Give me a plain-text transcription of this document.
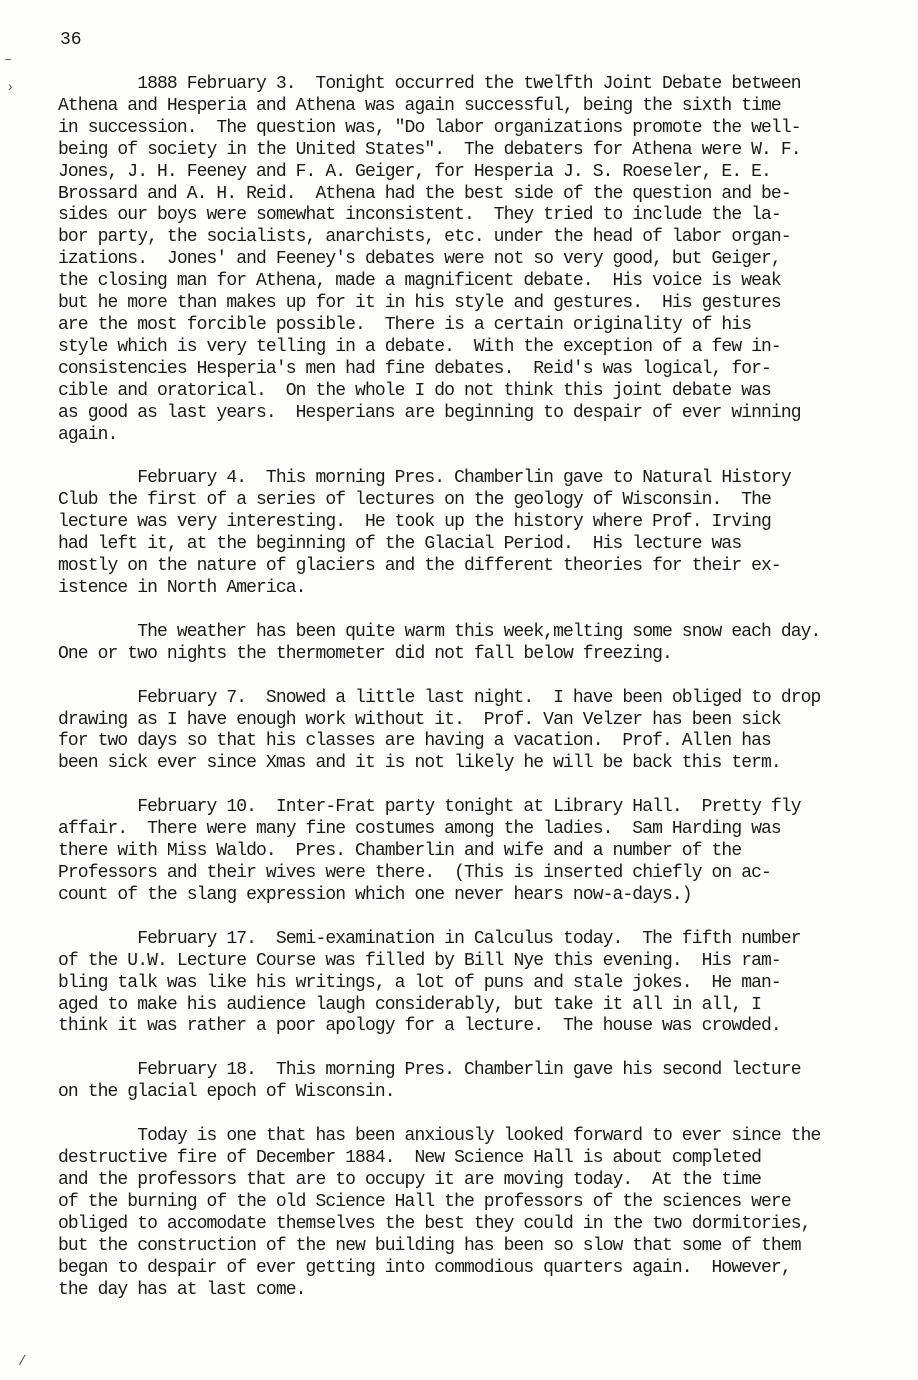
36
–
› 1888 February 3.  Tonight occurred the twelfth Joint Debate between
Athena and Hesperia and Athena was again successful, being the sixth time
in succession.  The question was, "Do labor organizations promote the well-
being of society in the United States".  The debaters for Athena were W. F.
Jones, J. H. Feeney and F. A. Geiger, for Hesperia J. S. Roeseler, E. E.
Brossard and A. H. Reid.  Athena had the best side of the question and be-
sides our boys were somewhat inconsistent.  They tried to include the la-
bor party, the socialists, anarchists, etc. under the head of labor organ-
izations.  Jones' and Feeney's debates were not so very good, but Geiger,
the closing man for Athena, made a magnificent debate.  His voice is weak
but he more than makes up for it in his style and gestures.  His gestures
are the most forcible possible.  There is a certain originality of his
style which is very telling in a debate.  With the exception of a few in-
consistencies Hesperia's men had fine debates.  Reid's was logical, for-
cible and oratorical.  On the whole I do not think this joint debate was
as good as last years.  Hesperians are beginning to despair of ever winning
again.
February 4.  This morning Pres. Chamberlin gave to Natural History
Club the first of a series of lectures on the geology of Wisconsin.  The
lecture was very interesting.  He took up the history where Prof. Irving
had left it, at the beginning of the Glacial Period.  His lecture was
mostly on the nature of glaciers and the different theories for their ex-
istence in North America.
The weather has been quite warm this week,melting some snow each day.
One or two nights the thermometer did not fall below freezing.
February 7.  Snowed a little last night.  I have been obliged to drop
drawing as I have enough work without it.  Prof. Van Velzer has been sick
for two days so that his classes are having a vacation.  Prof. Allen has
been sick ever since Xmas and it is not likely he will be back this term.
February 10.  Inter-Frat party tonight at Library Hall.  Pretty fly
affair.  There were many fine costumes among the ladies.  Sam Harding was
there with Miss Waldo.  Pres. Chamberlin and wife and a number of the
Professors and their wives were there.  (This is inserted chiefly on ac-
count of the slang expression which one never hears now-a-days.)
February 17.  Semi-examination in Calculus today.  The fifth number
of the U.W. Lecture Course was filled by Bill Nye this evening.  His ram-
bling talk was like his writings, a lot of puns and stale jokes.  He man-
aged to make his audience laugh considerably, but take it all in all, I
think it was rather a poor apology for a lecture.  The house was crowded.
February 18.  This morning Pres. Chamberlin gave his second lecture
on the glacial epoch of Wisconsin.
Today is one that has been anxiously looked forward to ever since the
destructive fire of December 1884.  New Science Hall is about completed
and the professors that are to occupy it are moving today.  At the time
of the burning of the old Science Hall the professors of the sciences were
obliged to accomodate themselves the best they could in the two dormitories,
but the construction of the new building has been so slow that some of them
began to despair of ever getting into commodious quarters again.  However,
the day has at last come.
/
